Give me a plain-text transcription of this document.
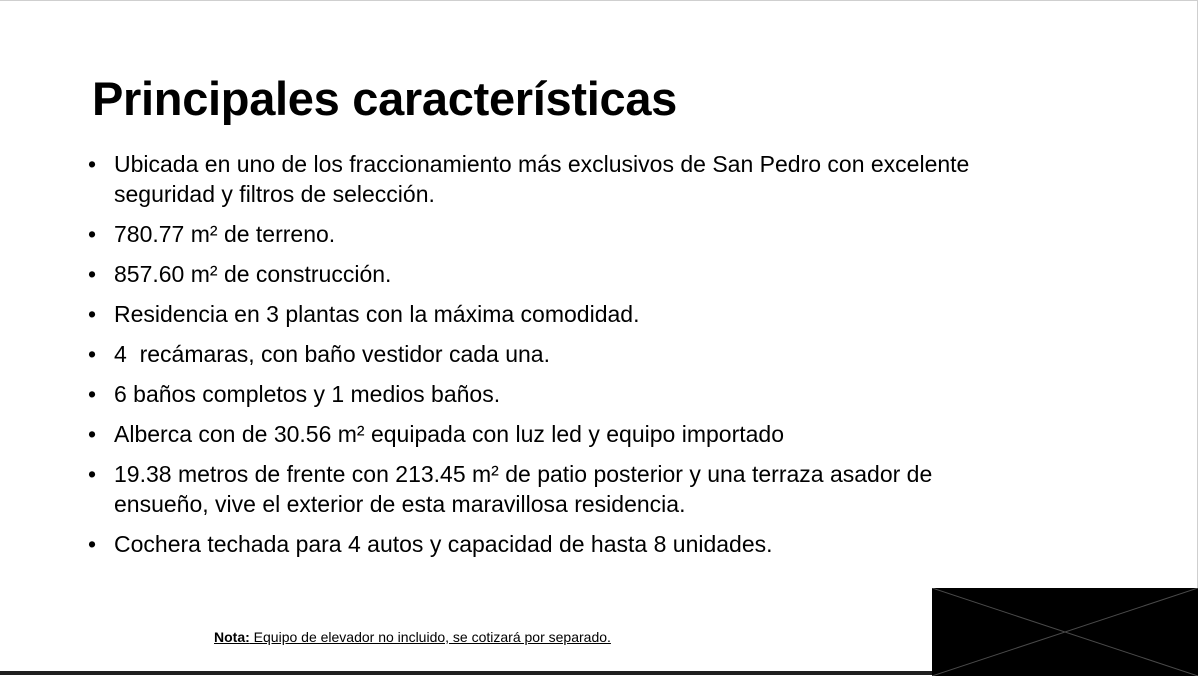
Principales características
• Ubicada en uno de los fraccionamiento más exclusivos de San Pedro con excelente seguridad y filtros de selección.
• 780.77 m² de terreno.
• 857.60 m² de construcción.
• Residencia en 3 plantas con la máxima comodidad.
• 4  recámaras, con baño vestidor cada una.
• 6 baños completos y 1 medios baños.
• Alberca con de 30.56 m² equipada con luz led y equipo importado
• 19.38 metros de frente con 213.45 m² de patio posterior y una terraza asador de ensueño, vive el exterior de esta maravillosa residencia.
• Cochera techada para 4 autos y capacidad de hasta 8 unidades.
Nota: Equipo de elevador no incluido, se cotizará por separado.
